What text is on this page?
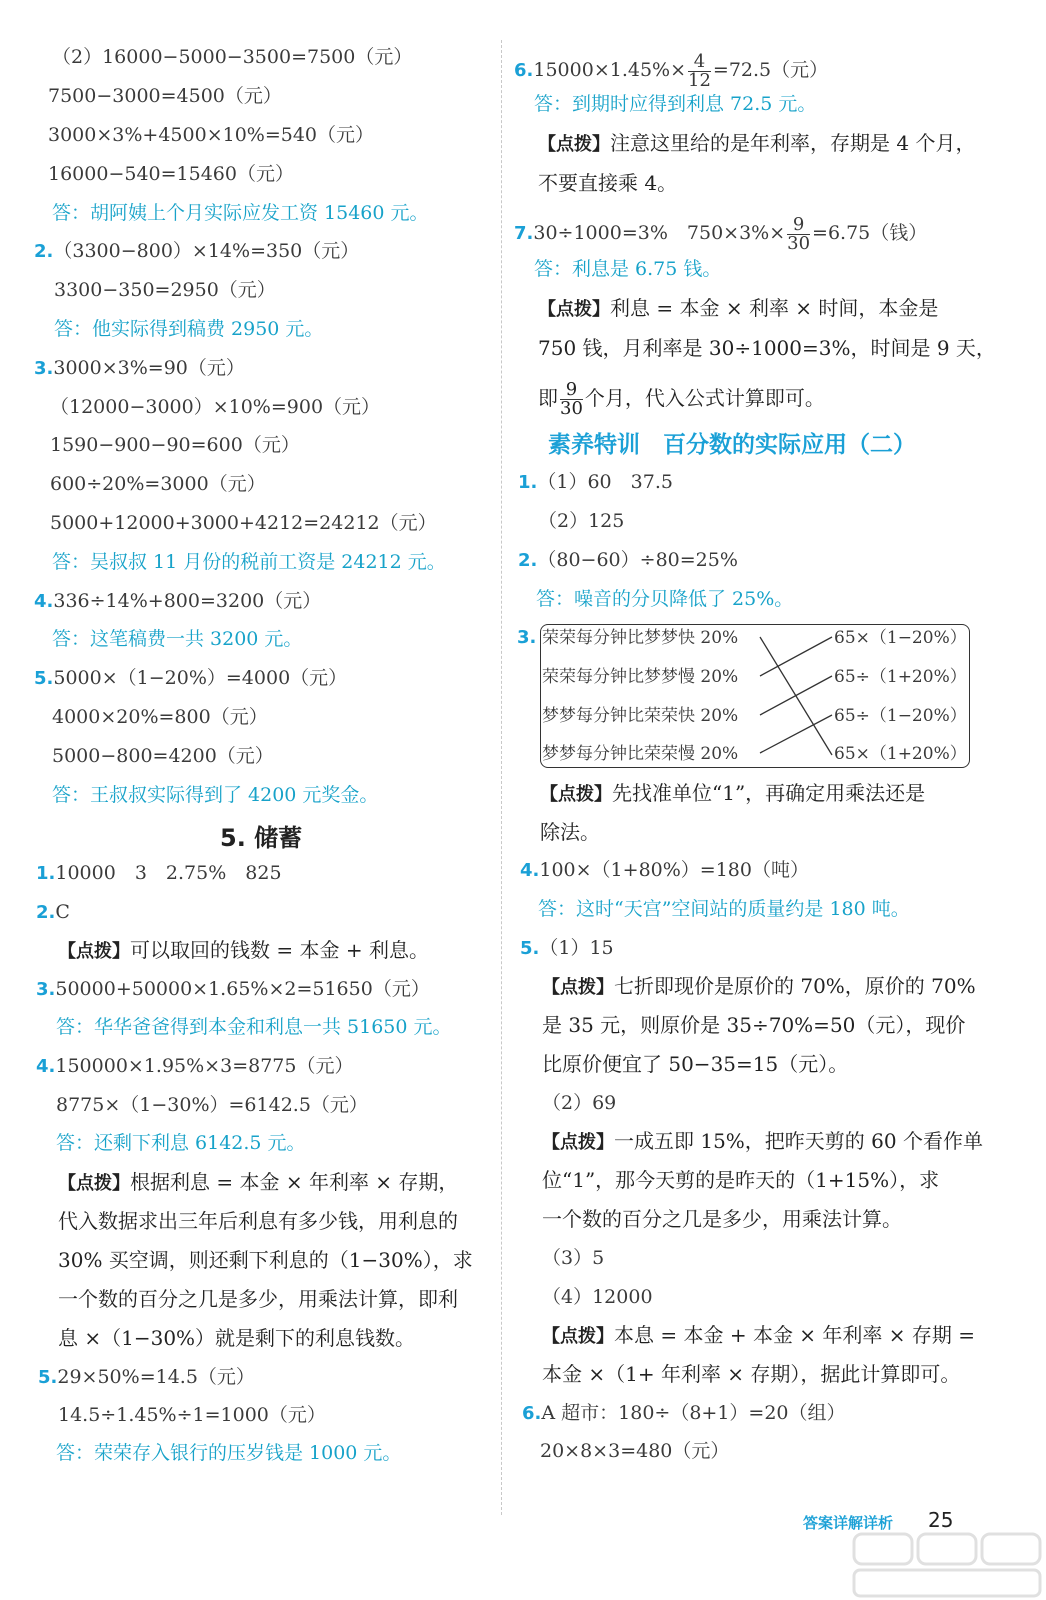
（2）16000−5000−3500=7500（元）
7500−3000=4500（元）
3000×3%+4500×10%=540（元）
16000−540=15460（元）
答：胡阿姨上个月实际应发工资 15460 元。
2.（3300−800）×14%=350（元）
3300−350=2950（元）
答：他实际得到稿费 2950 元。
3.3000×3%=90（元）
（12000−3000）×10%=900（元）
1590−900−90=600（元）
600÷20%=3000（元）
5000+12000+3000+4212=24212（元）
答：吴叔叔 11 月份的税前工资是 24212 元。
4.336÷14%+800=3200（元）
答：这笔稿费一共 3200 元。
5.5000×（1−20%）=4000（元）
4000×20%=800（元）
5000−800=4200（元）
答：王叔叔实际得到了 4200 元奖金。
5. 储蓄
1.10000　3　2.75%　825
2.C
【点拨】可以取回的钱数 = 本金 + 利息。
3.50000+50000×1.65%×2=51650（元）
答：华华爸爸得到本金和利息一共 51650 元。
4.150000×1.95%×3=8775（元）
8775×（1−30%）=6142.5（元）
答：还剩下利息 6142.5 元。
【点拨】根据利息 = 本金 × 年利率 × 存期，
代入数据求出三年后利息有多少钱，用利息的
30% 买空调，则还剩下利息的（1−30%），求
一个数的百分之几是多少，用乘法计算，即利
息 ×（1−30%）就是剩下的利息钱数。
5.29×50%=14.5（元）
14.5÷1.45%÷1=1000（元）
答：荣荣存入银行的压岁钱是 1000 元。
$6.15000\times 1.45\%\times \frac{4}{12} =72.5$（元）
答：到期时应得到利息 72.5 元。
【点拨】注意这里给的是年利率，存期是 4 个月，
不要直接乘 4。
7.30÷1000=3%　$750\times 3\%\times \frac{9}{30} =6.75$（钱）
答：利息是 6.75 钱。
【点拨】利息 = 本金 × 利率 × 时间，本金是
750 钱，月利率是 30÷1000=3%，时间是 9 天，
即 $\frac{9}{30}$ 个月，代入公式计算即可。
素养特训　百分数的实际应用（二）
1.（1）60　37.5
（2）125
2.（80−60）÷80=25%
答：噪音的分贝降低了 25%。
3. 荣荣每分钟比梦梦快 20%
荣荣每分钟比梦梦慢 20%
梦梦每分钟比荣荣快 20%
梦梦每分钟比荣荣慢 20%
65×（1−20%）
65÷（1+20%）
65÷（1−20%）
65×（1+20%）
【点拨】先找准单位“1”，再确定用乘法还是
除法。
4.100×（1+80%）=180（吨）
答：这时“天宫”空间站的质量约是 180 吨。
5.（1）15
【点拨】七折即现价是原价的 70%，原价的 70%
是 35 元，则原价是 35÷70%=50（元），现价
比原价便宜了 50−35=15（元）。
（2）69
【点拨】一成五即 15%，把昨天剪的 60 个看作单
位“1”，那今天剪的是昨天的（1+15%），求
一个数的百分之几是多少，用乘法计算。
（3）5
（4）12000
【点拨】本息 = 本金 + 本金 × 年利率 × 存期 =
本金 ×（1+ 年利率 × 存期），据此计算即可。
6.A 超市：180÷（8+1）=20（组）
20×8×3=480（元）
答案详解详析 25
